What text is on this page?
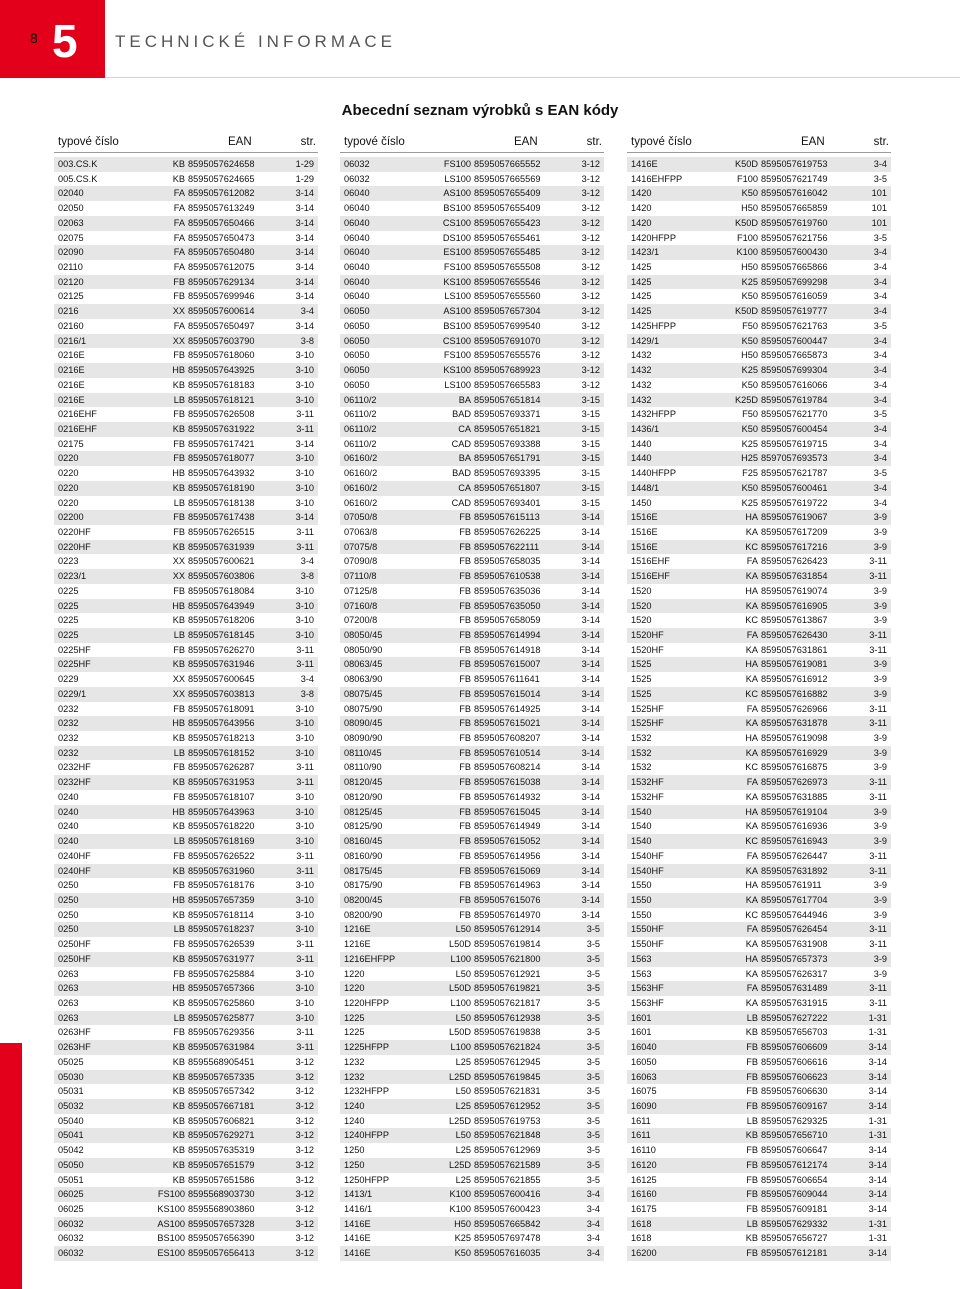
8 5 TECHNICKÉ INFORMACE
Abecední seznam výrobků s EAN kódy
typové číslo	EAN	str.
003.CS.K	KB 8595057624658	1-29
005.CS.K	KB 8595057624665	1-29
02040	FA 8595057612082	3-14
02050	FA 8595057613249	3-14
02063	FA 8595057650466	3-14
02075	FA 8595057650473	3-14
02090	FA 8595057650480	3-14
02110	FA 8595057612075	3-14
02120	FB 8595057629134	3-14
02125	FB 8595057699946	3-14
0216	XX 8595057600614	3-4
02160	FA 8595057650497	3-14
0216/1	XX 8595057603790	3-8
0216E	FB 8595057618060	3-10
0216E	HB 8595057643925	3-10
0216E	KB 8595057618183	3-10
0216E	LB 8595057618121	3-10
0216EHF	FB 8595057626508	3-11
0216EHF	KB 8595057631922	3-11
02175	FB 8595057617421	3-14
0220	FB 8595057618077	3-10
0220	HB 8595057643932	3-10
0220	KB 8595057618190	3-10
0220	LB 8595057618138	3-10
02200	FB 8595057617438	3-14
0220HF	FB 8595057626515	3-11
0220HF	KB 8595057631939	3-11
0223	XX 8595057600621	3-4
0223/1	XX 8595057603806	3-8
0225	FB 8595057618084	3-10
0225	HB 8595057643949	3-10
0225	KB 8595057618206	3-10
0225	LB 8595057618145	3-10
0225HF	FB 8595057626270	3-11
0225HF	KB 8595057631946	3-11
0229	XX 8595057600645	3-4
0229/1	XX 8595057603813	3-8
0232	FB 8595057618091	3-10
0232	HB 8595057643956	3-10
0232	KB 8595057618213	3-10
0232	LB 8595057618152	3-10
0232HF	FB 8595057626287	3-11
0232HF	KB 8595057631953	3-11
0240	FB 8595057618107	3-10
0240	HB 8595057643963	3-10
0240	KB 8595057618220	3-10
0240	LB 8595057618169	3-10
0240HF	FB 8595057626522	3-11
0240HF	KB 8595057631960	3-11
0250	FB 8595057618176	3-10
0250	HB 8595057657359	3-10
0250	KB 8595057618114	3-10
0250	LB 8595057618237	3-10
0250HF	FB 8595057626539	3-11
0250HF	KB 8595057631977	3-11
0263	FB 8595057625884	3-10
0263	HB 8595057657366	3-10
0263	KB 8595057625860	3-10
0263	LB 8595057625877	3-10
0263HF	FB 8595057629356	3-11
0263HF	KB 8595057631984	3-11
05025	KB 8595568905451	3-12
05030	KB 8595057657335	3-12
05031	KB 8595057657342	3-12
05032	KB 8595057667181	3-12
05040	KB 8595057606821	3-12
05041	KB 8595057629271	3-12
05042	KB 8595057635319	3-12
05050	KB 8595057651579	3-12
05051	KB 8595057651586	3-12
06025	FS100 8595568903730	3-12
06025	KS100 8595568903860	3-12
06032	AS100 8595057657328	3-12
06032	BS100 8595057656390	3-12
06032	ES100 8595057656413	3-12
typové číslo	EAN	str.
06032	FS100 8595057665552	3-12
06032	LS100 8595057665569	3-12
06040	AS100 8595057655409	3-12
06040	BS100 8595057655409	3-12
06040	CS100 8595057655423	3-12
06040	DS100 8595057655461	3-12
06040	ES100 8595057655485	3-12
06040	FS100 8595057655508	3-12
06040	KS100 8595057655546	3-12
06040	LS100 8595057655560	3-12
06050	AS100 8595057657304	3-12
06050	BS100 8595057699540	3-12
06050	CS100 8595057691070	3-12
06050	FS100 8595057655576	3-12
06050	KS100 8595057689923	3-12
06050	LS100 8595057665583	3-12
06110/2	BA 8595057651814	3-15
06110/2	BAD 8595057693371	3-15
06110/2	CA 8595057651821	3-15
06110/2	CAD 8595057693388	3-15
06160/2	BA 8595057651791	3-15
06160/2	BAD 8595057693395	3-15
06160/2	CA 8595057651807	3-15
06160/2	CAD 8595057693401	3-15
07050/8	FB 8595057615113	3-14
07063/8	FB 8595057626225	3-14
07075/8	FB 8595057622111	3-14
07090/8	FB 8595057658035	3-14
07110/8	FB 8595057610538	3-14
07125/8	FB 8595057635036	3-14
07160/8	FB 8595057635050	3-14
07200/8	FB 8595057658059	3-14
08050/45	FB 8595057614994	3-14
08050/90	FB 8595057614918	3-14
08063/45	FB 8595057615007	3-14
08063/90	FB 8595057611641	3-14
08075/45	FB 8595057615014	3-14
08075/90	FB 8595057614925	3-14
08090/45	FB 8595057615021	3-14
08090/90	FB 8595057608207	3-14
08110/45	FB 8595057610514	3-14
08110/90	FB 8595057608214	3-14
08120/45	FB 8595057615038	3-14
08120/90	FB 8595057614932	3-14
08125/45	FB 8595057615045	3-14
08125/90	FB 8595057614949	3-14
08160/45	FB 8595057615052	3-14
08160/90	FB 8595057614956	3-14
08175/45	FB 8595057615069	3-14
08175/90	FB 8595057614963	3-14
08200/45	FB 8595057615076	3-14
08200/90	FB 8595057614970	3-14
1216E	L50 8595057612914	3-5
1216E	L50D 8595057619814	3-5
1216EHFPP	L100 8595057621800	3-5
1220	L50 8595057612921	3-5
1220	L50D 8595057619821	3-5
1220HFPP	L100 8595057621817	3-5
1225	L50 8595057612938	3-5
1225	L50D 8595057619838	3-5
1225HFPP	L100 8595057621824	3-5
1232	L25 8595057612945	3-5
1232	L25D 8595057619845	3-5
1232HFPP	L50 8595057621831	3-5
1240	L25 8595057612952	3-5
1240	L25D 8595057619753	3-5
1240HFPP	L50 8595057621848	3-5
1250	L25 8595057612969	3-5
1250	L25D 8595057621589	3-5
1250HFPP	L25 8595057621855	3-5
1413/1	K100 8595057600416	3-4
1416/1	K100 8595057600423	3-4
1416E	H50 8595057665842	3-4
1416E	K25 8595057697478	3-4
1416E	K50 8595057616035	3-4
typové číslo	EAN	str.
1416E	K50D 8595057619753	3-4
1416EHFPP	F100 8595057621749	3-5
1420	K50 8595057616042	101
1420	H50 8595057665859	101
1420	K50D 8595057619760	101
1420HFPP	F100 8595057621756	3-5
1423/1	K100 8595057600430	3-4
1425	H50 8595057665866	3-4
1425	K25 8595057699298	3-4
1425	K50 8595057616059	3-4
1425	K50D 8595057619777	3-4
1425HFPP	F50 8595057621763	3-5
1429/1	K50 8595057600447	3-4
1432	H50 8595057665873	3-4
1432	K25 8595057699304	3-4
1432	K50 8595057616066	3-4
1432	K25D 8595057619784	3-4
1432HFPP	F50 8595057621770	3-5
1436/1	K50 8595057600454	3-4
1440	K25 8595057619715	3-4
1440	H25 8597057693573	3-4
1440HFPP	F25 8595057621787	3-5
1448/1	K50 8595057600461	3-4
1450	K25 8595057619722	3-4
1516E	HA 8595057619067	3-9
1516E	KA 8595057617209	3-9
1516E	KC 8595057617216	3-9
1516EHF	FA 8595057626423	3-11
1516EHF	KA 8595057631854	3-11
1520	HA 8595057619074	3-9
1520	KA 8595057616905	3-9
1520	KC 8595057613867	3-9
1520HF	FA 8595057626430	3-11
1520HF	KA 8595057631861	3-11
1525	HA 8595057619081	3-9
1525	KA 8595057616912	3-9
1525	KC 8595057616882	3-9
1525HF	FA 8595057626966	3-11
1525HF	KA 8595057631878	3-11
1532	HA 8595057619098	3-9
1532	KA 8595057616929	3-9
1532	KC 8595057616875	3-9
1532HF	FA 8595057626973	3-11
1532HF	KA 8595057631885	3-11
1540	HA 8595057619104	3-9
1540	KA 8595057616936	3-9
1540	KC 8595057616943	3-9
1540HF	FA 8595057626447	3-11
1540HF	KA 8595057631892	3-11
1550	HA 859505761911	3-9
1550	KA 8595057617704	3-9
1550	KC 8595057644946	3-9
1550HF	FA 8595057626454	3-11
1550HF	KA 8595057631908	3-11
1563	HA 8595057657373	3-9
1563	KA 8595057626317	3-9
1563HF	FA 8595057631489	3-11
1563HF	KA 8595057631915	3-11
1601	LB 8595057627222	1-31
1601	KB 8595057656703	1-31
16040	FB 8595057606609	3-14
16050	FB 8595057606616	3-14
16063	FB 8595057606623	3-14
16075	FB 8595057606630	3-14
16090	FB 8595057609167	3-14
1611	LB 8595057629325	1-31
1611	KB 8595057656710	1-31
16110	FB 8595057606647	3-14
16120	FB 8595057612174	3-14
16125	FB 8595057606654	3-14
16160	FB 8595057609044	3-14
16175	FB 8595057609181	3-14
1618	LB 8595057629332	1-31
1618	KB 8595057656727	1-31
16200	FB 8595057612181	3-14
